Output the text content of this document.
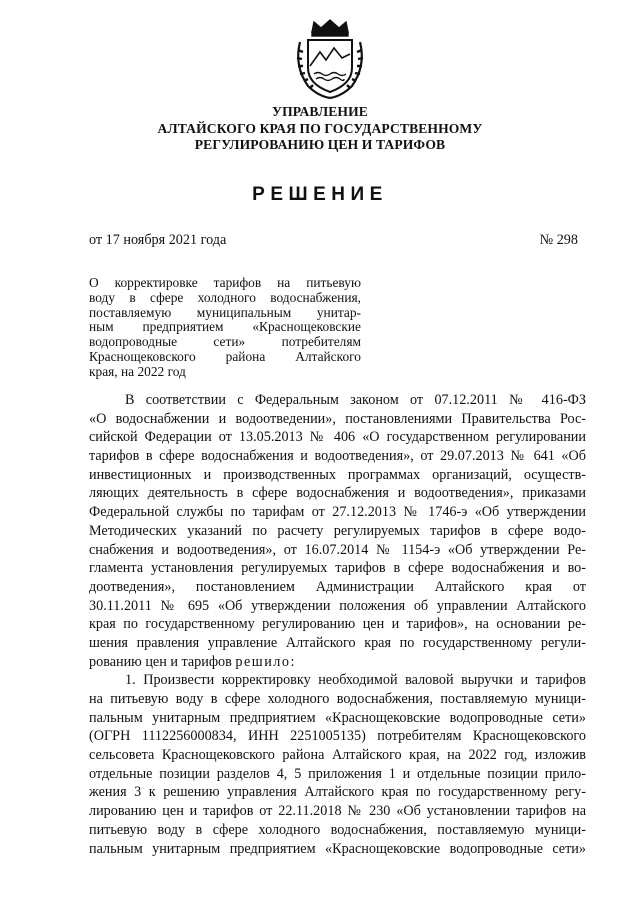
УПРАВЛЕНИЕ
АЛТАЙСКОГО КРАЯ ПО ГОСУДАРСТВЕННОМУ
РЕГУЛИРОВАНИЮ ЦЕН И ТАРИФОВ
РЕШЕНИЕ
от 17 ноября 2021 года	№ 298
О корректировке тарифов на питьевую
воду в сфере холодного водоснабжения,
поставляемую муниципальным унитар-
ным предприятием «Краснощековские
водопроводные сети» потребителям
Краснощековского района Алтайского
края, на 2022 год
В соответствии с Федеральным законом от 07.12.2011 № 416-ФЗ
«О водоснабжении и водоотведении», постановлениями Правительства Рос-
сийской Федерации от 13.05.2013 № 406 «О государственном регулировании
тарифов в сфере водоснабжения и водоотведения», от 29.07.2013 № 641 «Об
инвестиционных и производственных программах организаций, осуществ-
ляющих деятельность в сфере водоснабжения и водоотведения», приказами
Федеральной службы по тарифам от 27.12.2013 № 1746-э «Об утверждении
Методических указаний по расчету регулируемых тарифов в сфере водо-
снабжения и водоотведения», от 16.07.2014 № 1154-э «Об утверждении Ре-
гламента установления регулируемых тарифов в сфере водоснабжения и во-
доотведения», постановлением Администрации Алтайского края от
30.11.2011 № 695 «Об утверждении положения об управлении Алтайского
края по государственному регулированию цен и тарифов», на основании ре-
шения правления управление Алтайского края по государственному регули-
рованию цен и тарифов решило:
1. Произвести корректировку необходимой валовой выручки и тарифов
на питьевую воду в сфере холодного водоснабжения, поставляемую муници-
пальным унитарным предприятием «Краснощековские водопроводные сети»
(ОГРН 1112256000834, ИНН 2251005135) потребителям Краснощековского
сельсовета Краснощековского района Алтайского края, на 2022 год, изложив
отдельные позиции разделов 4, 5 приложения 1 и отдельные позиции прило-
жения 3 к решению управления Алтайского края по государственному регу-
лированию цен и тарифов от 22.11.2018 № 230 «Об установлении тарифов на
питьевую воду в сфере холодного водоснабжения, поставляемую муници-
пальным унитарным предприятием «Краснощековские водопроводные сети»
